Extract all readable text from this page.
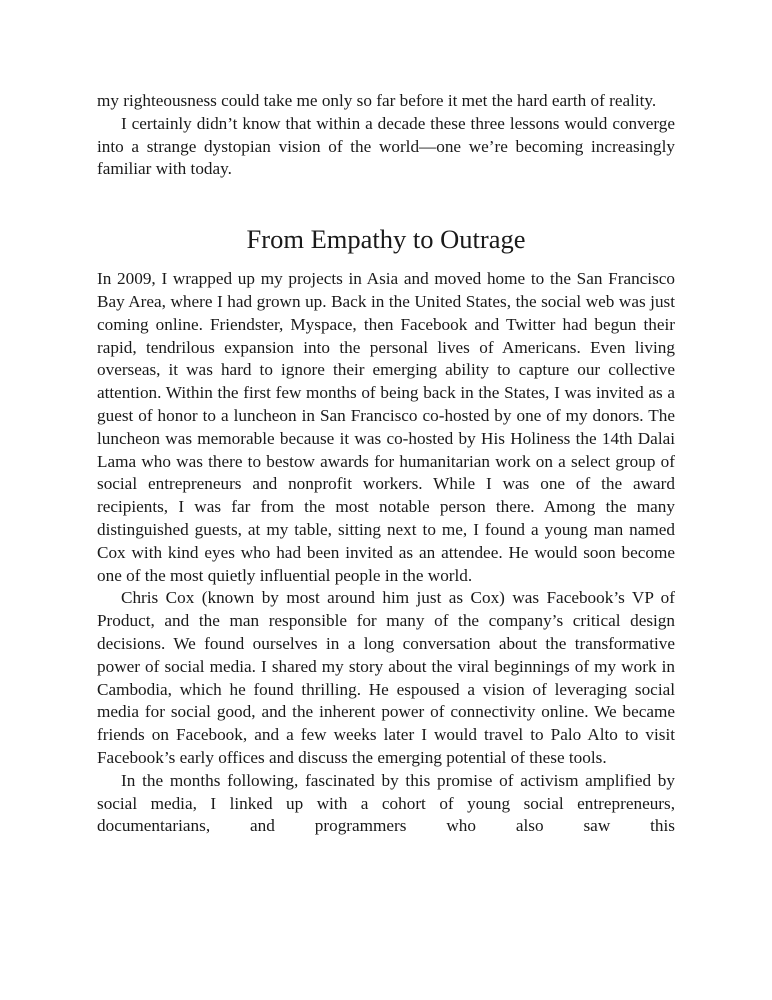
my righteousness could take me only so far before it met the hard earth of reality.

I certainly didn’t know that within a decade these three lessons would converge into a strange dystopian vision of the world—one we’re becoming increasingly familiar with today.

From Empathy to Outrage

In 2009, I wrapped up my projects in Asia and moved home to the San Francisco Bay Area, where I had grown up. Back in the United States, the social web was just coming online. Friendster, Myspace, then Facebook and Twitter had begun their rapid, tendrilous expansion into the personal lives of Americans. Even living overseas, it was hard to ignore their emerging ability to capture our collective attention. Within the first few months of being back in the States, I was invited as a guest of honor to a luncheon in San Francisco co-hosted by one of my donors. The luncheon was memorable because it was co-hosted by His Holiness the 14th Dalai Lama who was there to bestow awards for humanitarian work on a select group of social entrepreneurs and nonprofit workers. While I was one of the award recipients, I was far from the most notable person there. Among the many distinguished guests, at my table, sitting next to me, I found a young man named Cox with kind eyes who had been invited as an attendee. He would soon become one of the most quietly influential people in the world.

Chris Cox (known by most around him just as Cox) was Facebook’s VP of Product, and the man responsible for many of the company’s critical design decisions. We found ourselves in a long conversation about the transformative power of social media. I shared my story about the viral beginnings of my work in Cambodia, which he found thrilling. He espoused a vision of leveraging social media for social good, and the inherent power of connectivity online. We became friends on Facebook, and a few weeks later I would travel to Palo Alto to visit Facebook’s early offices and discuss the emerging potential of these tools.

In the months following, fascinated by this promise of activism amplified by social media, I linked up with a cohort of young social entrepreneurs, documentarians, and programmers who also saw this
